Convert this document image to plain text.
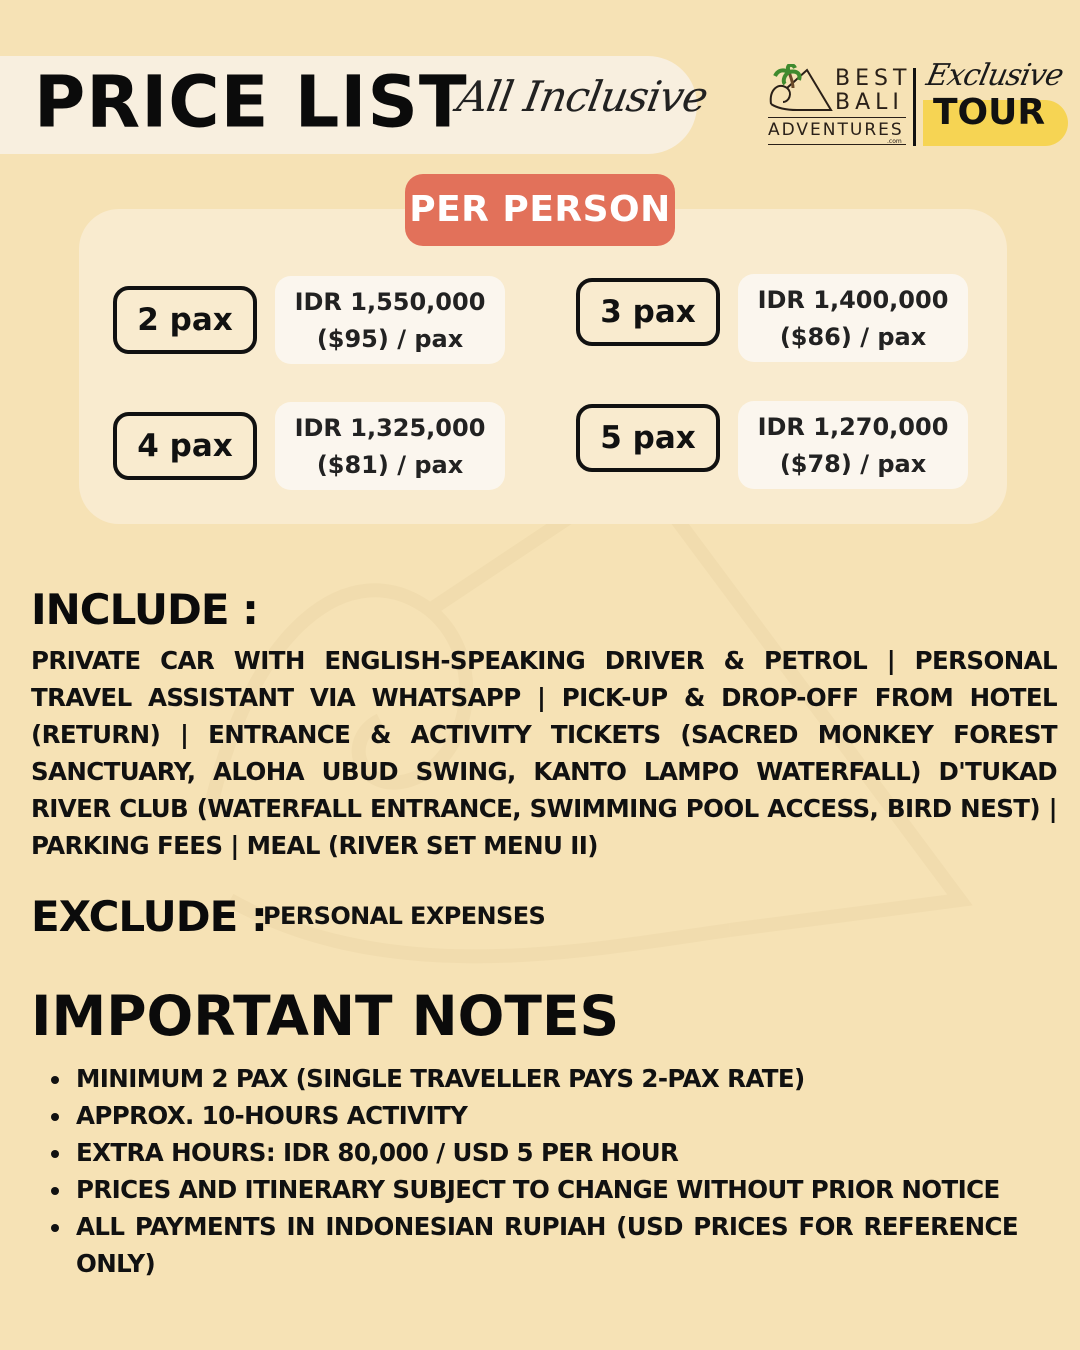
PRICE LIST
All Inclusive	BEST
BALI
ADVENTURES
.com
Exclusive
TOUR
PER PERSON
2 pax	IDR 1,550,000
($95) / pax
3 pax	IDR 1,400,000
($86) / pax
4 pax	IDR 1,325,000
($81) / pax
5 pax	IDR 1,270,000
($78) / pax
INCLUDE :
PRIVATE CAR WITH ENGLISH-SPEAKING DRIVER & PETROL | PERSONAL TRAVEL ASSISTANT VIA WHATSAPP | PICK-UP & DROP-OFF FROM HOTEL (RETURN) | ENTRANCE & ACTIVITY TICKETS (SACRED MONKEY FOREST SANCTUARY, ALOHA UBUD SWING, KANTO LAMPO WATERFALL) D'TUKAD RIVER CLUB (WATERFALL ENTRANCE, SWIMMING POOL ACCESS, BIRD NEST) | PARKING FEES | MEAL (RIVER SET MENU II)
EXCLUDE :
PERSONAL EXPENSES
IMPORTANT NOTES
MINIMUM 2 PAX (SINGLE TRAVELLER PAYS 2-PAX RATE)
APPROX. 10-HOURS ACTIVITY
EXTRA HOURS: IDR 80,000 / USD 5 PER HOUR
PRICES AND ITINERARY SUBJECT TO CHANGE WITHOUT PRIOR NOTICE
ALL PAYMENTS IN INDONESIAN RUPIAH (USD PRICES FOR REFERENCE ONLY)
